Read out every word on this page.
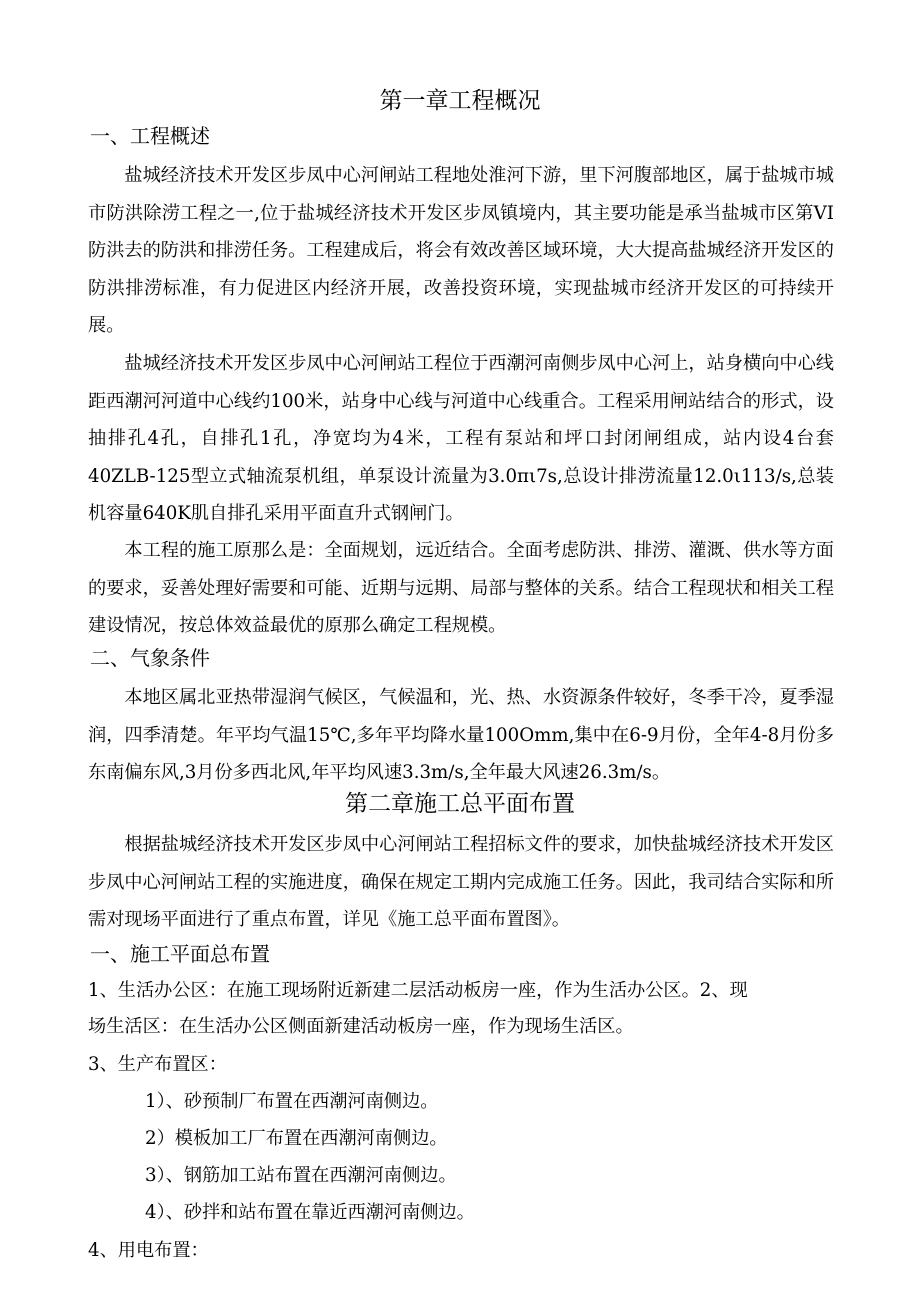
第一章工程概况
一、工程概述
盐城经济技术开发区步凤中心河闸站工程地处淮河下游，里下河腹部地区，属于盐城市城市防洪除涝工程之一,位于盐城经济技术开发区步凤镇境内，其主要功能是承当盐城市区第VI防洪去的防洪和排涝任务。工程建成后，将会有效改善区域环境，大大提高盐城经济开发区的防洪排涝标准，有力促进区内经济开展，改善投资环境，实现盐城市经济开发区的可持续开展。
盐城经济技术开发区步凤中心河闸站工程位于西潮河南侧步凤中心河上，站身横向中心线距西潮河河道中心线约100米，站身中心线与河道中心线重合。工程采用闸站结合的形式，设抽排孔4孔，自排孔1孔，净宽均为4米，工程有泵站和坪口封闭闸组成，站内设4台套40ZLB-125型立式轴流泵机组，单泵设计流量为3.0πι7s,总设计排涝流量12.0ι113∕s,总装机容量640K肌自排孔采用平面直升式钢闸门。
本工程的施工原那么是：全面规划，远近结合。全面考虑防洪、排涝、灌溉、供水等方面的要求，妥善处理好需要和可能、近期与远期、局部与整体的关系。结合工程现状和相关工程建设情况，按总体效益最优的原那么确定工程规模。
二、气象条件
本地区属北亚热带湿润气候区，气候温和，光、热、水资源条件较好，冬季干冷，夏季湿润，四季清楚。年平均气温15℃,多年平均降水量100Omm,集中在6-9月份，全年4-8月份多东南偏东风,3月份多西北风,年平均风速3.3m∕s,全年最大风速26.3m∕s。
第二章施工总平面布置
根据盐城经济技术开发区步凤中心河闸站工程招标文件的要求，加快盐城经济技术开发区步凤中心河闸站工程的实施进度，确保在规定工期内完成施工任务。因此，我司结合实际和所需对现场平面进行了重点布置，详见《施工总平面布置图》。
一、施工平面总布置
1、生活办公区：在施工现场附近新建二层活动板房一座，作为生活办公区。2、现
场生活区：在生活办公区侧面新建活动板房一座，作为现场生活区。
3、生产布置区：
1）、砂预制厂布置在西潮河南侧边。
2）模板加工厂布置在西潮河南侧边。
3）、钢筋加工站布置在西潮河南侧边。
4）、砂拌和站布置在靠近西潮河南侧边。
4、用电布置：
